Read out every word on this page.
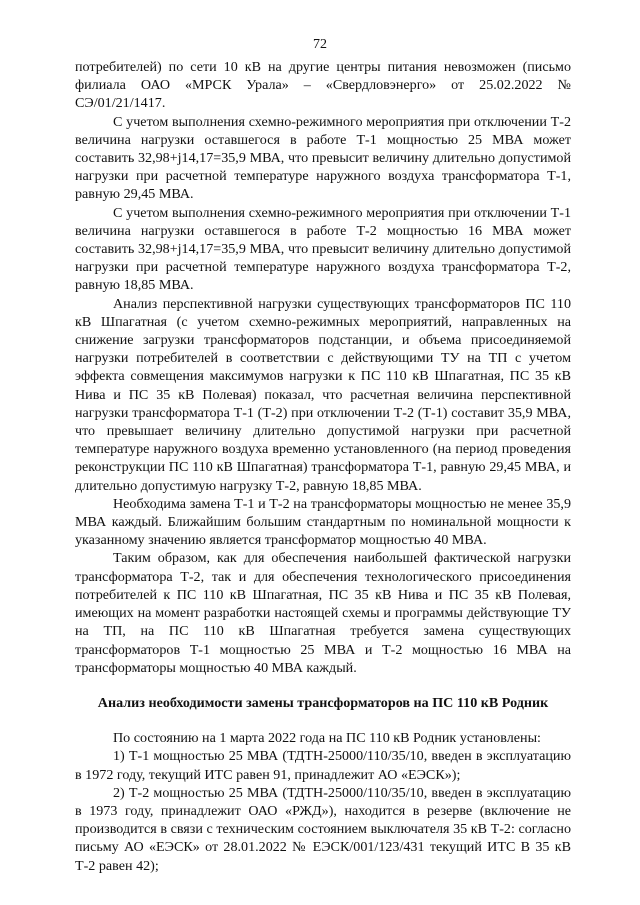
72

потребителей) по сети 10 кВ на другие центры питания невозможен (письмо филиала ОАО «МРСК Урала» – «Свердловэнерго» от 25.02.2022 № СЭ/01/21/1417.

С учетом выполнения схемно-режимного мероприятия при отключении Т-2 величина нагрузки оставшегося в работе Т-1 мощностью 25 МВА может составить 32,98+j14,17=35,9 МВА, что превысит величину длительно допустимой нагрузки при расчетной температуре наружного воздуха трансформатора Т-1, равную 29,45 МВА.

С учетом выполнения схемно-режимного мероприятия при отключении Т-1 величина нагрузки оставшегося в работе Т-2 мощностью 16 МВА может составить 32,98+j14,17=35,9 МВА, что превысит величину длительно допустимой нагрузки при расчетной температуре наружного воздуха трансформатора Т-2, равную 18,85 МВА.

Анализ перспективной нагрузки существующих трансформаторов ПС 110 кВ Шпагатная (с учетом схемно-режимных мероприятий, направленных на снижение загрузки трансформаторов подстанции, и объема присоединяемой нагрузки потребителей в соответствии с действующими ТУ на ТП с учетом эффекта совмещения максимумов нагрузки к ПС 110 кВ Шпагатная, ПС 35 кВ Нива и ПС 35 кВ Полевая) показал, что расчетная величина перспективной нагрузки трансформатора Т-1 (Т-2) при отключении Т-2 (Т-1) составит 35,9 МВА, что превышает величину длительно допустимой нагрузки при расчетной температуре наружного воздуха временно установленного (на период проведения реконструкции ПС 110 кВ Шпагатная) трансформатора Т-1, равную 29,45 МВА, и длительно допустимую нагрузку Т-2, равную 18,85 МВА.

Необходима замена Т-1 и Т-2 на трансформаторы мощностью не менее 35,9 МВА каждый. Ближайшим большим стандартным по номинальной мощности к указанному значению является трансформатор мощностью 40 МВА.

Таким образом, как для обеспечения наибольшей фактической нагрузки трансформатора Т-2, так и для обеспечения технологического присоединения потребителей к ПС 110 кВ Шпагатная, ПС 35 кВ Нива и ПС 35 кВ Полевая, имеющих на момент разработки настоящей схемы и программы действующие ТУ на ТП, на ПС 110 кВ Шпагатная требуется замена существующих трансформаторов Т-1 мощностью 25 МВА и Т-2 мощностью 16 МВА на трансформаторы мощностью 40 МВА каждый.

Анализ необходимости замены трансформаторов на ПС 110 кВ Родник

По состоянию на 1 марта 2022 года на ПС 110 кВ Родник установлены:

1) Т-1 мощностью 25 МВА (ТДТН-25000/110/35/10, введен в эксплуатацию в 1972 году, текущий ИТС равен 91, принадлежит АО «ЕЭСК»);

2) Т-2 мощностью 25 МВА (ТДТН-25000/110/35/10, введен в эксплуатацию в 1973 году, принадлежит ОАО «РЖД»), находится в резерве (включение не производится в связи с техническим состоянием выключателя 35 кВ Т-2: согласно письму АО «ЕЭСК» от 28.01.2022 № ЕЭСК/001/123/431 текущий ИТС В 35 кВ Т-2 равен 42);
